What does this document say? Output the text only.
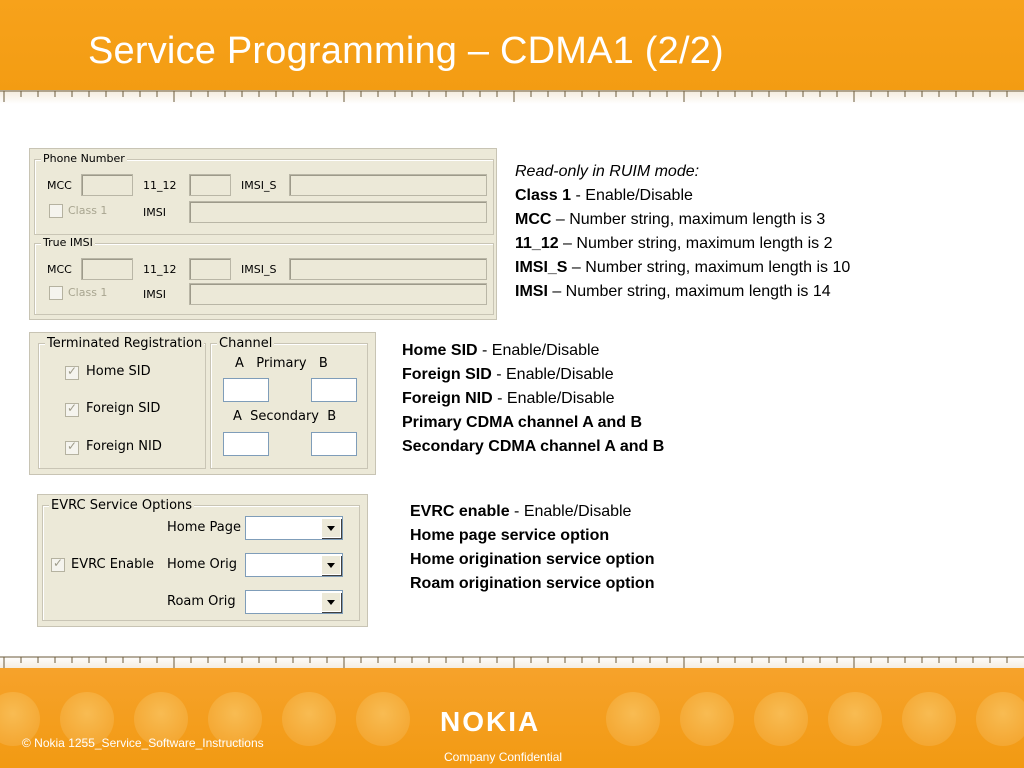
Service Programming – CDMA1 (2/2)
Phone Number
MCC	11_12	IMSI_S
Class 1	IMSI
True IMSI
MCC	11_12	IMSI_S
Class 1	IMSI
Read-only in RUIM mode:
Class 1 - Enable/Disable
MCC – Number string, maximum length is 3
11_12 – Number string, maximum length is 2
IMSI_S – Number string, maximum length is 10
IMSI – Number string, maximum length is 14
Terminated Registration
✓
Home SID
✓
Foreign SID
✓
Foreign NID
Channel
A   Primary   B
A  Secondary  B
Home SID - Enable/Disable
Foreign SID - Enable/Disable
Foreign NID - Enable/Disable
Primary CDMA channel A and B
Secondary CDMA channel A and B
EVRC Service Options
Home Page
✓
EVRC Enable Home Orig
Roam Orig
EVRC enable - Enable/Disable
Home page service option
Home origination service option
Roam origination service option
NOKIA
© Nokia 1255_Service_Software_Instructions
Company Confidential
